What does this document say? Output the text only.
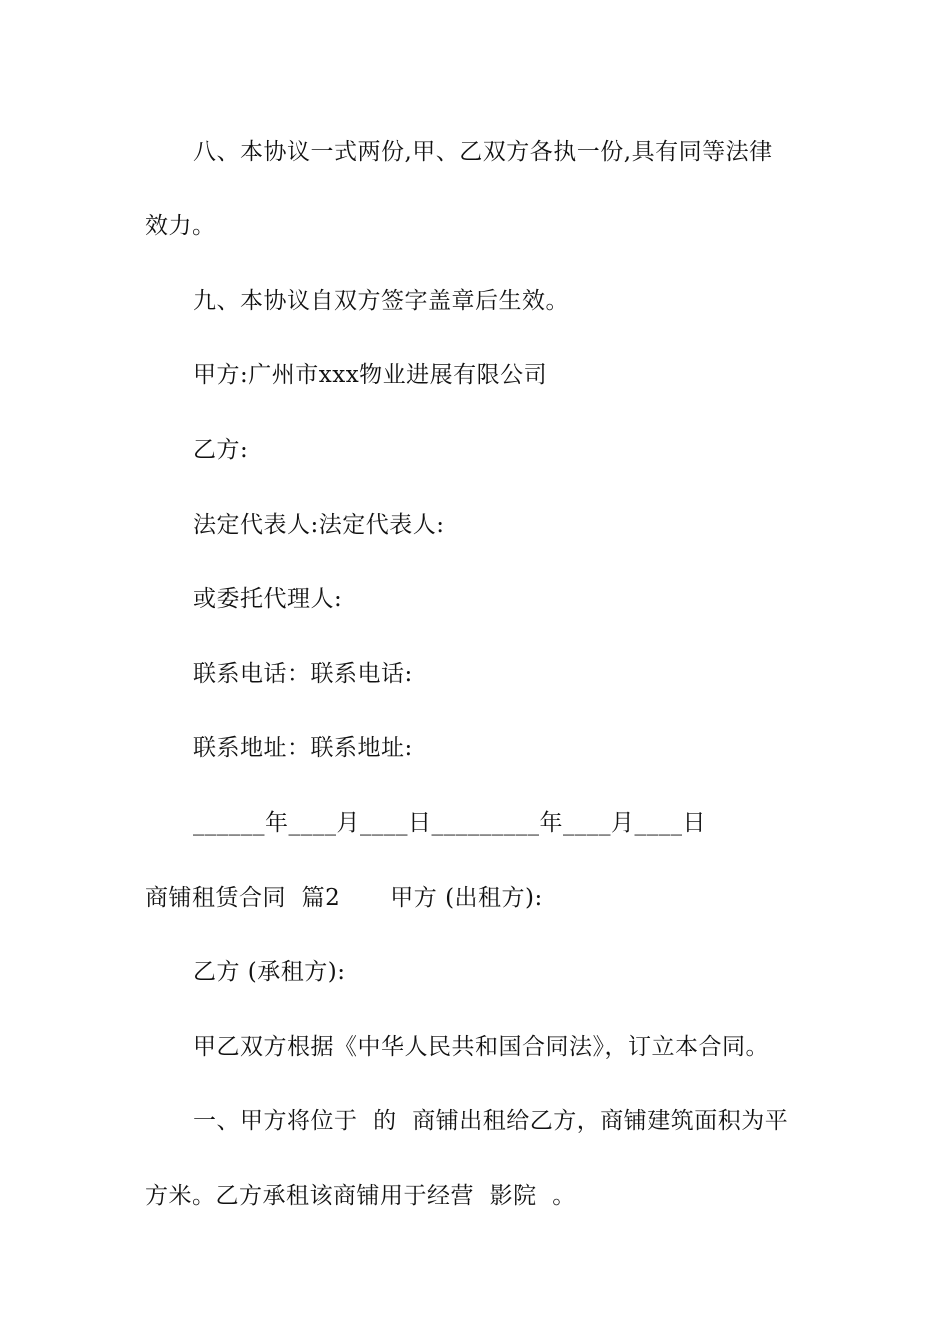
八、本协议一式两份,甲、乙双方各执一份,具有同等法律
效力。
九、本协议自双方签字盖章后生效。
甲方:广州市xxx物业进展有限公司
乙方:
法定代表人:法定代表人:
或委托代理人:
联系电话：联系电话:
联系地址：联系地址:
______年____月____日_________年____月____日
商铺租赁合同  篇2 甲方 (出租方):
乙方 (承租方):
甲乙双方根据《中华人民共和国合同法》，订立本合同。
一、甲方将位于  的  商铺出租给乙方，商铺建筑面积为平
方米。乙方承租该商铺用于经营  影院  。
